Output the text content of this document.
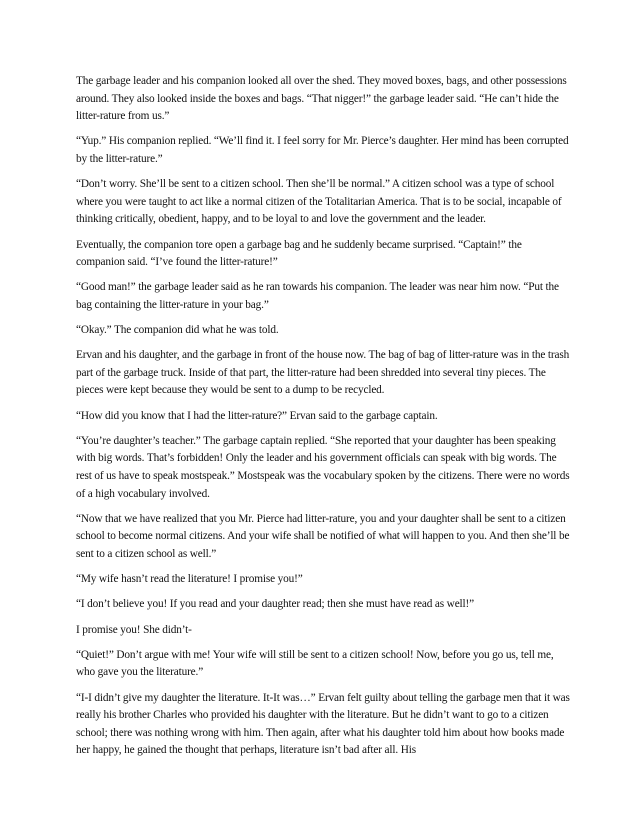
The garbage leader and his companion looked all over the shed. They moved boxes, bags, and other possessions around. They also looked inside the boxes and bags. “That nigger!” the garbage leader said. “He can’t hide the litter-rature from us.”

“Yup.” His companion replied. “We’ll find it. I feel sorry for Mr. Pierce’s daughter. Her mind has been corrupted by the litter-rature.”

“Don’t worry. She’ll be sent to a citizen school. Then she’ll be normal.” A citizen school was a type of school where you were taught to act like a normal citizen of the Totalitarian America. That is to be social, incapable of thinking critically, obedient, happy, and to be loyal to and love the government and the leader.

Eventually, the companion tore open a garbage bag and he suddenly became surprised. “Captain!” the companion said. “I’ve found the litter-rature!”

“Good man!” the garbage leader said as he ran towards his companion. The leader was near him now. “Put the bag containing the litter-rature in your bag.”

“Okay.” The companion did what he was told.

Ervan and his daughter, and the garbage in front of the house now. The bag of bag of litter-rature was in the trash part of the garbage truck. Inside of that part, the litter-rature had been shredded into several tiny pieces. The pieces were kept because they would be sent to a dump to be recycled.

“How did you know that I had the litter-rature?” Ervan said to the garbage captain.

“You’re daughter’s teacher.” The garbage captain replied. “She reported that your daughter has been speaking with big words. That’s forbidden! Only the leader and his government officials can speak with big words. The rest of us have to speak mostspeak.” Mostspeak was the vocabulary spoken by the citizens. There were no words of a high vocabulary involved.

“Now that we have realized that you Mr. Pierce had litter-rature, you and your daughter shall be sent to a citizen school to become normal citizens. And your wife shall be notified of what will happen to you. And then she’ll be sent to a citizen school as well.”

“My wife hasn’t read the literature! I promise you!”

“I don’t believe you! If you read and your daughter read; then she must have read as well!”

I promise you! She didn’t-

“Quiet!” Don’t argue with me! Your wife will still be sent to a citizen school! Now, before you go us, tell me, who gave you the literature.”

“I-I didn’t give my daughter the literature. It-It was…” Ervan felt guilty about telling the garbage men that it was really his brother Charles who provided his daughter with the literature. But he didn’t want to go to a citizen school; there was nothing wrong with him. Then again, after what his daughter told him about how books made her happy, he gained the thought that perhaps, literature isn’t bad after all. His
